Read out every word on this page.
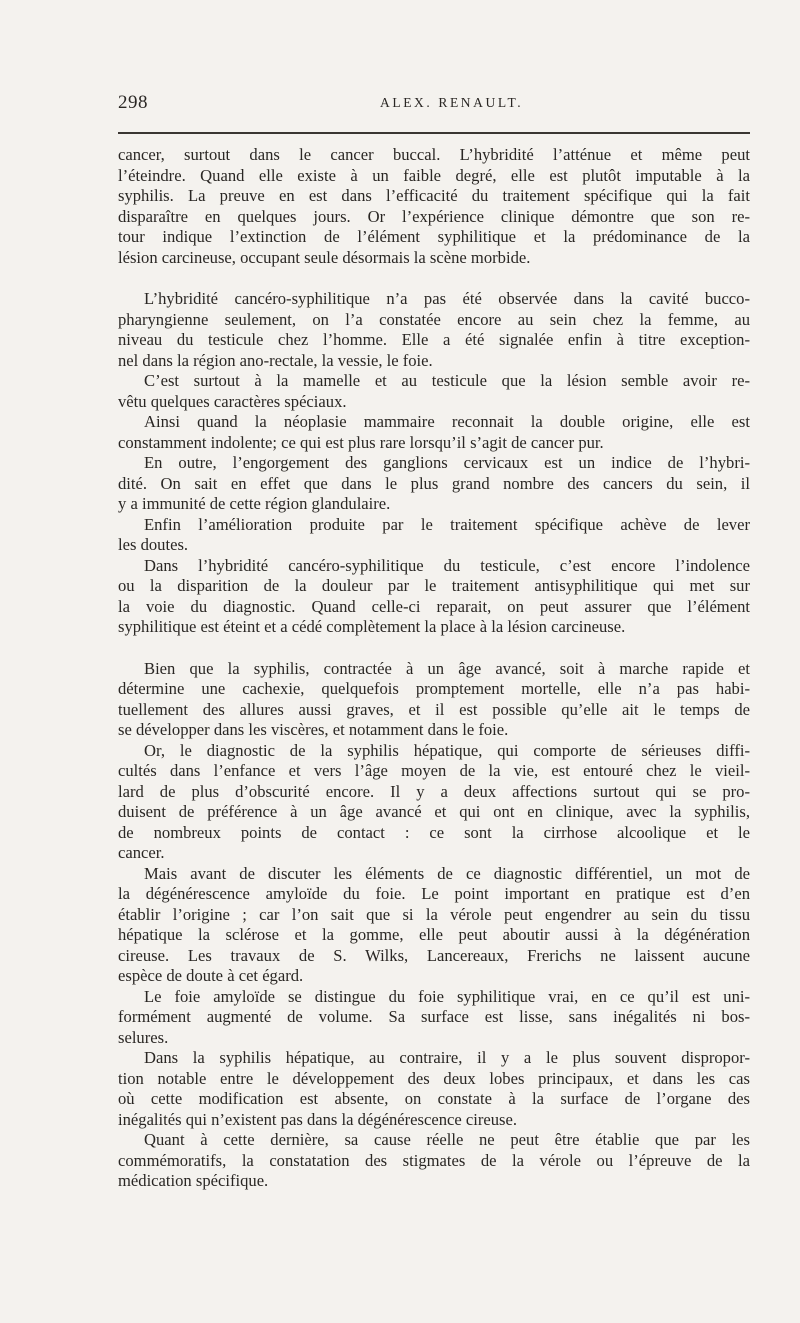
298	ALEX. RENAULT.
cancer, surtout dans le cancer buccal. L’hybridité l’atténue et même peut
l’éteindre. Quand elle existe à un faible degré, elle est plutôt imputable à la
syphilis. La preuve en est dans l’efficacité du traitement spécifique qui la fait
disparaître en quelques jours. Or l’expérience clinique démontre que son re-
tour indique l’extinction de l’élément syphilitique et la prédominance de la
lésion carcineuse, occupant seule désormais la scène morbide.
L’hybridité cancéro-syphilitique n’a pas été observée dans la cavité bucco-
pharyngienne seulement, on l’a constatée encore au sein chez la femme, au
niveau du testicule chez l’homme. Elle a été signalée enfin à titre exception-
nel dans la région ano-rectale, la vessie, le foie.
C’est surtout à la mamelle et au testicule que la lésion semble avoir re-
vêtu quelques caractères spéciaux.
Ainsi quand la néoplasie mammaire reconnait la double origine, elle est
constamment indolente; ce qui est plus rare lorsqu’il s’agit de cancer pur.
En outre, l’engorgement des ganglions cervicaux est un indice de l’hybri-
dité. On sait en effet que dans le plus grand nombre des cancers du sein, il
y a immunité de cette région glandulaire.
Enfin l’amélioration produite par le traitement spécifique achève de lever
les doutes.
Dans l’hybridité cancéro-syphilitique du testicule, c’est encore l’indolence
ou la disparition de la douleur par le traitement antisyphilitique qui met sur
la voie du diagnostic. Quand celle-ci reparait, on peut assurer que l’élément
syphilitique est éteint et a cédé complètement la place à la lésion carcineuse.
Bien que la syphilis, contractée à un âge avancé, soit à marche rapide et
détermine une cachexie, quelquefois promptement mortelle, elle n’a pas habi-
tuellement des allures aussi graves, et il est possible qu’elle ait le temps de
se développer dans les viscères, et notamment dans le foie.
Or, le diagnostic de la syphilis hépatique, qui comporte de sérieuses diffi-
cultés dans l’enfance et vers l’âge moyen de la vie, est entouré chez le vieil-
lard de plus d’obscurité encore. Il y a deux affections surtout qui se pro-
duisent de préférence à un âge avancé et qui ont en clinique, avec la syphilis,
de nombreux points de contact : ce sont la cirrhose alcoolique et le
cancer.
Mais avant de discuter les éléments de ce diagnostic différentiel, un mot de
la dégénérescence amyloïde du foie. Le point important en pratique est d’en
établir l’origine ; car l’on sait que si la vérole peut engendrer au sein du tissu
hépatique la sclérose et la gomme, elle peut aboutir aussi à la dégénération
cireuse. Les travaux de S. Wilks, Lancereaux, Frerichs ne laissent aucune
espèce de doute à cet égard.
Le foie amyloïde se distingue du foie syphilitique vrai, en ce qu’il est uni-
formément augmenté de volume. Sa surface est lisse, sans inégalités ni bos-
selures.
Dans la syphilis hépatique, au contraire, il y a le plus souvent dispropor-
tion notable entre le développement des deux lobes principaux, et dans les cas
où cette modification est absente, on constate à la surface de l’organe des
inégalités qui n’existent pas dans la dégénérescence cireuse.
Quant à cette dernière, sa cause réelle ne peut être établie que par les
commémoratifs, la constatation des stigmates de la vérole ou l’épreuve de la
médication spécifique.
